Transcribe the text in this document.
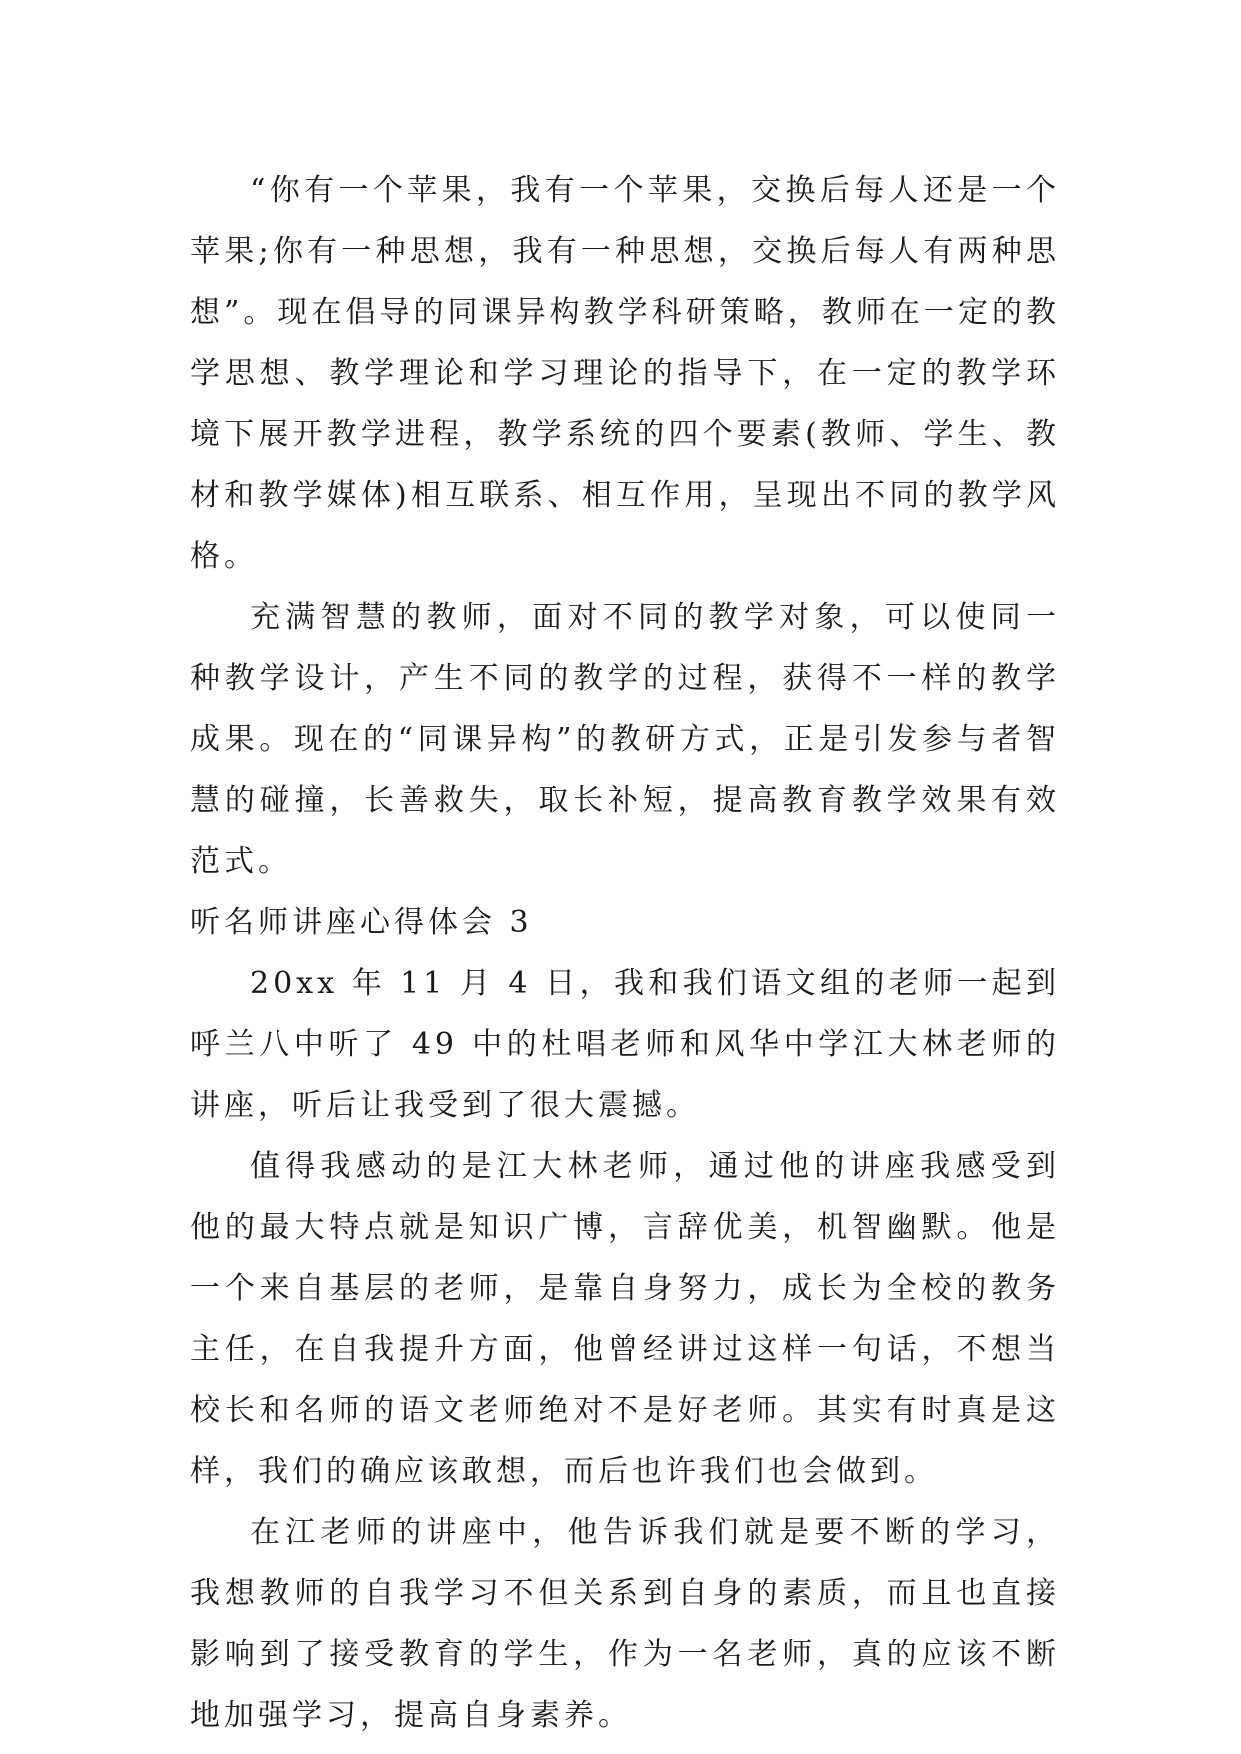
“你有一个苹果，我有一个苹果，交换后每人还是一个苹果;你有一种思想，我有一种思想，交换后每人有两种思想”。现在倡导的同课异构教学科研策略，教师在一定的教学思想、教学理论和学习理论的指导下，在一定的教学环境下展开教学进程，教学系统的四个要素(教师、学生、教材和教学媒体)相互联系、相互作用，呈现出不同的教学风格。

充满智慧的教师，面对不同的教学对象，可以使同一种教学设计，产生不同的教学的过程，获得不一样的教学成果。现在的“同课异构”的教研方式，正是引发参与者智慧的碰撞，长善救失，取长补短，提高教育教学效果有效范式。

听名师讲座心得体会 3

20xx 年 11 月 4 日，我和我们语文组的老师一起到呼兰八中听了 49 中的杜唱老师和风华中学江大林老师的讲座，听后让我受到了很大震撼。

值得我感动的是江大林老师，通过他的讲座我感受到他的最大特点就是知识广博，言辞优美，机智幽默。他是一个来自基层的老师，是靠自身努力，成长为全校的教务主任，在自我提升方面，他曾经讲过这样一句话，不想当校长和名师的语文老师绝对不是好老师。其实有时真是这样，我们的确应该敢想，而后也许我们也会做到。

在江老师的讲座中，他告诉我们就是要不断的学习，我想教师的自我学习不但关系到自身的素质，而且也直接影响到了接受教育的学生，作为一名老师，真的应该不断地加强学习，提高自身素养。
